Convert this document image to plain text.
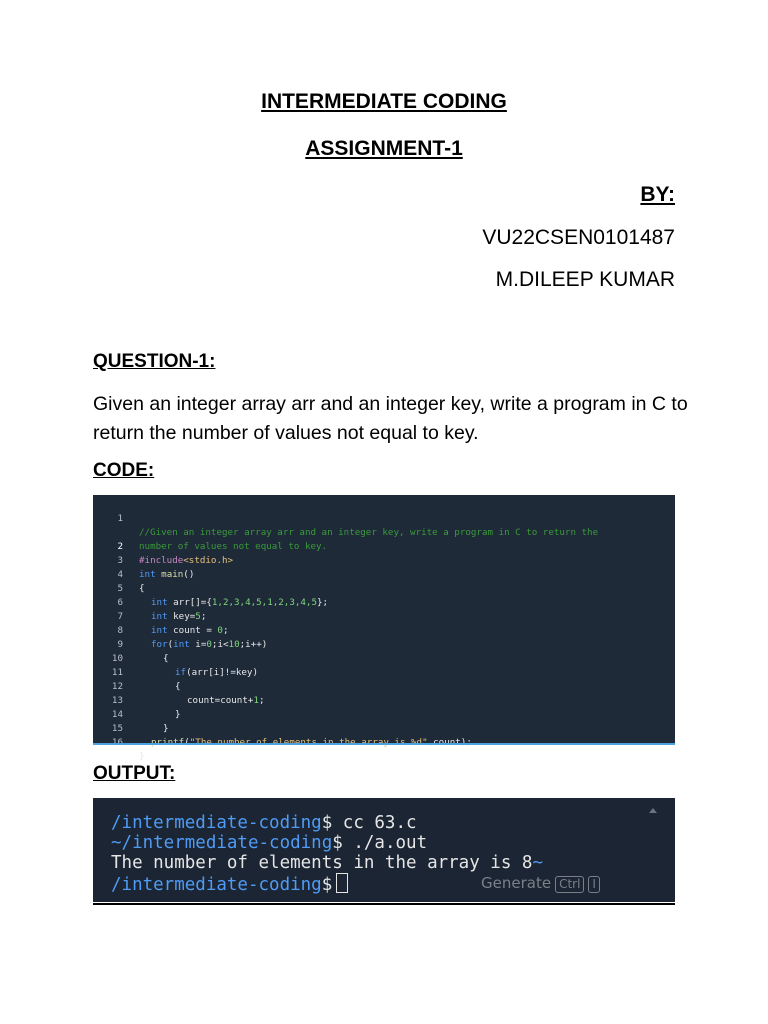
INTERMEDIATE CODING
ASSIGNMENT-1
BY:
VU22CSEN0101487
M.DILEEP KUMAR
QUESTION-1:
Given an integer array arr and an integer key, write a program in C to return the number of values not equal to key.
CODE:

1

//Given an integer array arr and an integer key, write a program in C to return the

number of values not equal to key.

2

#include<stdio.h>

3

int main()

4

{

5

int arr[]={1,2,3,4,5,1,2,3,4,5};

6

int key=5;

7

int count = 0;

8

for(int i=0;i<10;i++)

9

{

10

if(arr[i]!=key)

11

{

12

count=count+1;

13

}

14

}

15

}

OUTPUT:
/intermediate-coding$ cc 63.c
~/intermediate-coding$ ./a.out
The number of elements in the array is 8~
/intermediate-coding$	Generate Ctrl I
